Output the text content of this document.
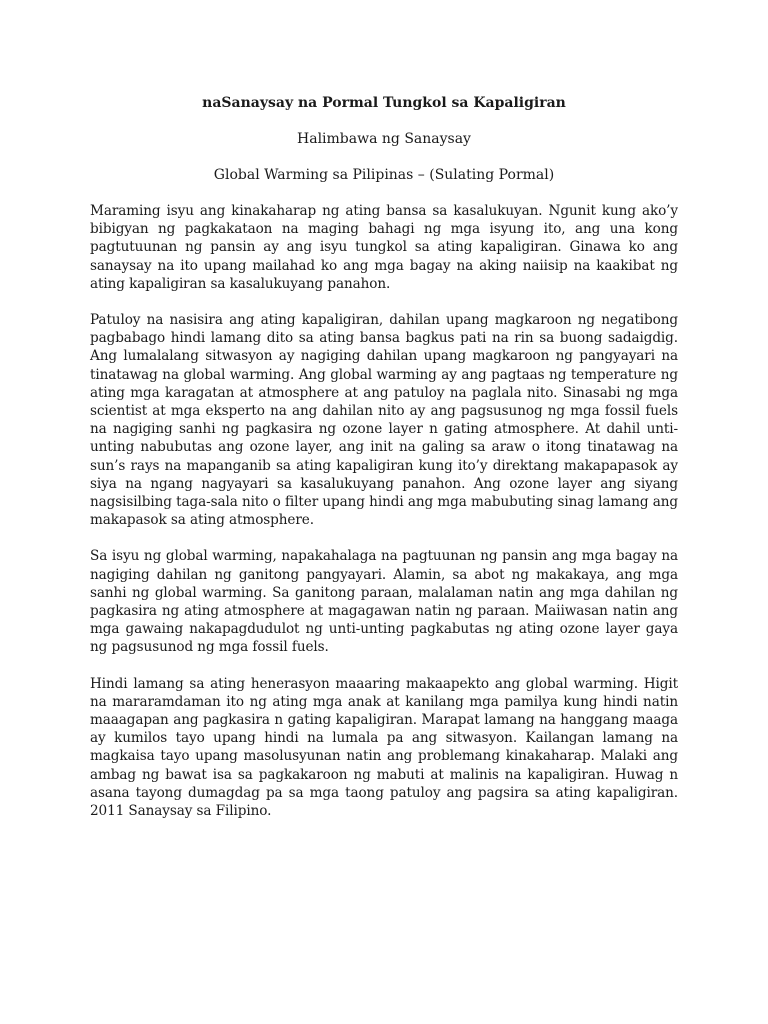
naSanaysay na Pormal Tungkol sa Kapaligiran
Halimbawa ng Sanaysay
Global Warming sa Pilipinas – (Sulating Pormal)

Maraming isyu ang kinakaharap ng ating bansa sa kasalukuyan. Ngunit kung ako’y bibigyan ng pagkakataon na maging bahagi ng mga isyung ito, ang una kong pagtutuunan ng pansin ay ang isyu tungkol sa ating kapaligiran. Ginawa ko ang sanaysay na ito upang mailahad ko ang mga bagay na aking naiisip na kaakibat ng ating kapaligiran sa kasalukuyang panahon.

Patuloy na nasisira ang ating kapaligiran, dahilan upang magkaroon ng negatibong pagbabago hindi lamang dito sa ating bansa bagkus pati na rin sa buong sadaigdig. Ang lumalalang sitwasyon ay nagiging dahilan upang magkaroon ng pangyayari na tinatawag na global warming. Ang global warming ay ang pagtaas ng temperature ng ating mga karagatan at atmosphere at ang patuloy na paglala nito. Sinasabi ng mga scientist at mga eksperto na ang dahilan nito ay ang pagsusunog ng mga fossil fuels na nagiging sanhi ng pagkasira ng ozone layer n gating atmosphere. At dahil unti-unting nabubutas ang ozone layer, ang init na galing sa araw o itong tinatawag na sun’s rays na mapanganib sa ating kapaligiran kung ito’y direktang makapapasok ay siya na ngang nagyayari sa kasalukuyang panahon. Ang ozone layer ang siyang nagsisilbing taga-sala nito o filter upang hindi ang mga mabubuting sinag lamang ang makapasok sa ating atmosphere.

Sa isyu ng global warming, napakahalaga na pagtuunan ng pansin ang mga bagay na nagiging dahilan ng ganitong pangyayari. Alamin, sa abot ng makakaya, ang mga sanhi ng global warming. Sa ganitong paraan, malalaman natin ang mga dahilan ng pagkasira ng ating atmosphere at magagawan natin ng paraan. Maiiwasan natin ang mga gawaing nakapagdudulot ng unti-unting pagkabutas ng ating ozone layer gaya ng pagsusunod ng mga fossil fuels.

Hindi lamang sa ating henerasyon maaaring makaapekto ang global warming. Higit na mararamdaman ito ng ating mga anak at kanilang mga pamilya kung hindi natin maaagapan ang pagkasira n gating kapaligiran. Marapat lamang na hanggang maaga ay kumilos tayo upang hindi na lumala pa ang sitwasyon. Kailangan lamang na magkaisa tayo upang masolusyunan natin ang problemang kinakaharap. Malaki ang ambag ng bawat isa sa pagkakaroon ng mabuti at malinis na kapaligiran. Huwag n asana tayong dumagdag pa sa mga taong patuloy ang pagsira sa ating kapaligiran. 2011 Sanaysay sa Filipino.
